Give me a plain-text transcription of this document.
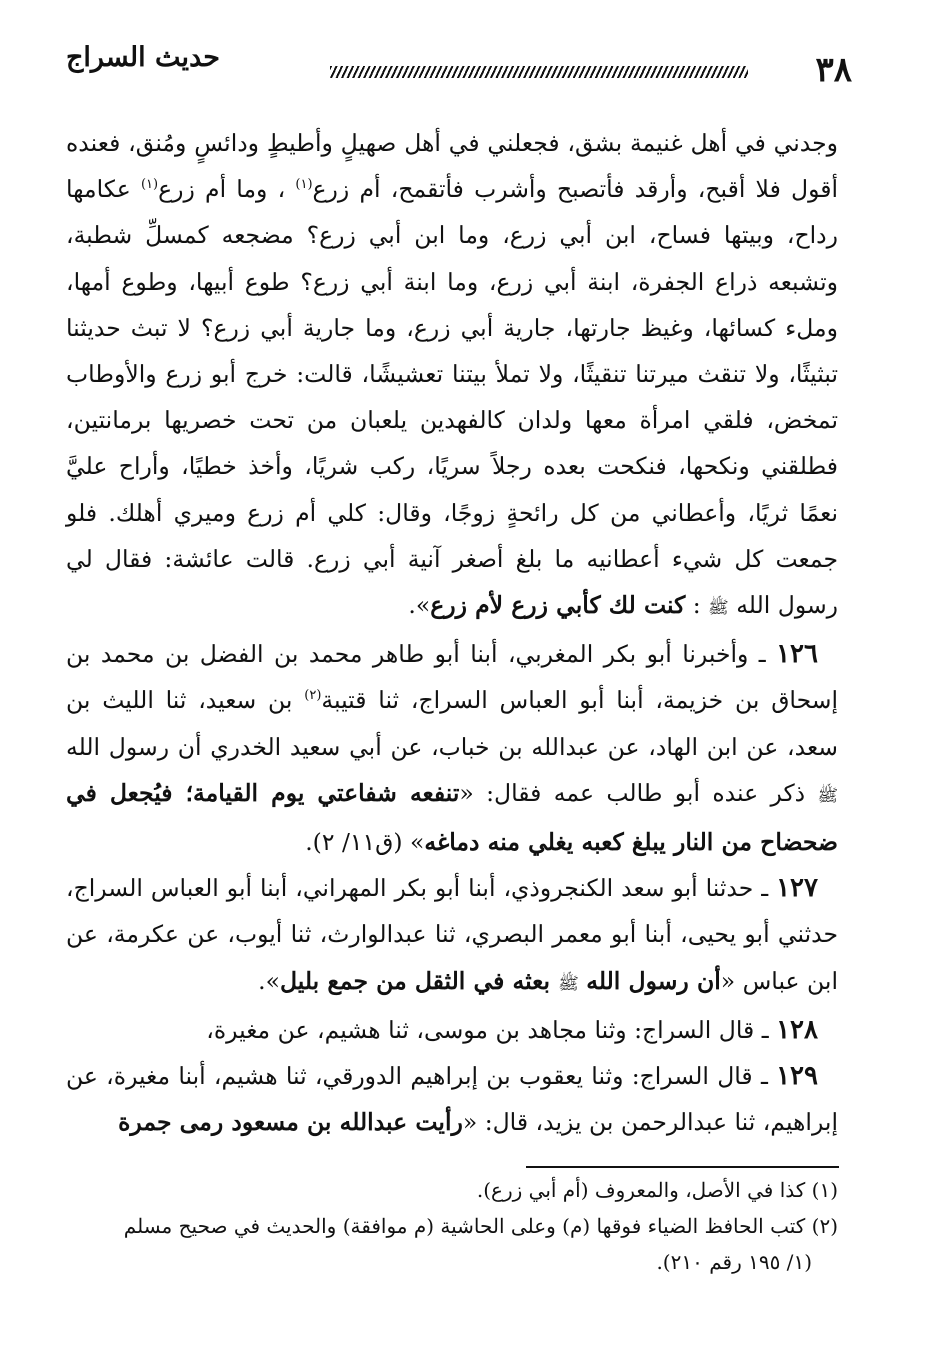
٣٨
حديث السراج

وجدني في أهل غنيمة بشق، فجعلني في أهل صهيلٍ وأطيطٍ ودائسٍ ومُنق، فعنده أقول فلا أقبح، وأرقد فأتصبح وأشرب فأتقمح، أم زرع$^{(١)}$ ، وما أم زرع$^{(١)}$ عكامها رداح، وبيتها فساح، ابن أبي زرع، وما ابن أبي زرع؟ مضجعه كمسلِّ شطبة، وتشبعه ذراع الجفرة، ابنة أبي زرع، وما ابنة أبي زرع؟ طوع أبيها، وطوع أمها، وملء كسائها، وغيظ جارتها، جارية أبي زرع، وما جارية أبي زرع؟ لا تبث حديثنا تبثيثًا، ولا تنقث ميرتنا تنقيثًا، ولا تملأ بيتنا تعشيشًا، قالت: خرج أبو زرع والأوطاب تمخض، فلقي امرأة معها ولدان كالفهدين يلعبان من تحت خصريها برمانتين، فطلقني ونكحها، فنكحت بعده رجلاً سريًا، ركب شريًا، وأخذ خطيًا، وأراح عليَّ نعمًا ثريًا، وأعطاني من كل رائحةٍ زوجًا، وقال: كلي أم زرع وميري أهلك. فلو جمعت كل شيء أعطانيه ما بلغ أصغر آنية أبي زرع. قالت عائشة: فقال لي رسول الله ﷺ : كنت لك كأبي زرع لأم زرع».

١٢٦ ـ وأخبرنا أبو بكر المغربي، أبنا أبو طاهر محمد بن الفضل بن محمد بن إسحاق بن خزيمة، أبنا أبو العباس السراج، ثنا قتيبة$^{(٢)}$ بن سعيد، ثنا الليث بن سعد، عن ابن الهاد، عن عبدالله بن خباب، عن أبي سعيد الخدري أن رسول الله ﷺ ذكر عنده أبو طالب عمه فقال: «تنفعه شفاعتي يوم القيامة؛ فيُجعل في ضحضاح من النار يبلغ كعبه يغلي منه دماغه» (ق١١/ ٢).

١٢٧ ـ حدثنا أبو سعد الكنجروذي، أبنا أبو بكر المهراني، أبنا أبو العباس السراج، حدثني أبو يحيى، أبنا أبو معمر البصري، ثنا عبدالوارث، ثنا أيوب، عن عكرمة، عن ابن عباس «أن رسول الله ﷺ بعثه في الثقل من جمع بليل».

١٢٨ ـ قال السراج: وثنا مجاهد بن موسى، ثنا هشيم، عن مغيرة،

١٢٩ ـ قال السراج: وثنا يعقوب بن إبراهيم الدورقي، ثنا هشيم، أبنا مغيرة، عن إبراهيم، ثنا عبدالرحمن بن يزيد، قال: «رأيت عبدالله بن مسعود رمى جمرة

(١) كذا في الأصل، والمعروف (أم أبي زرع).

(٢) كتب الحافظ الضياء فوقها (م) وعلى الحاشية (م موافقة) والحديث في صحيح مسلم

(١/ ١٩٥ رقم ٢١٠).
